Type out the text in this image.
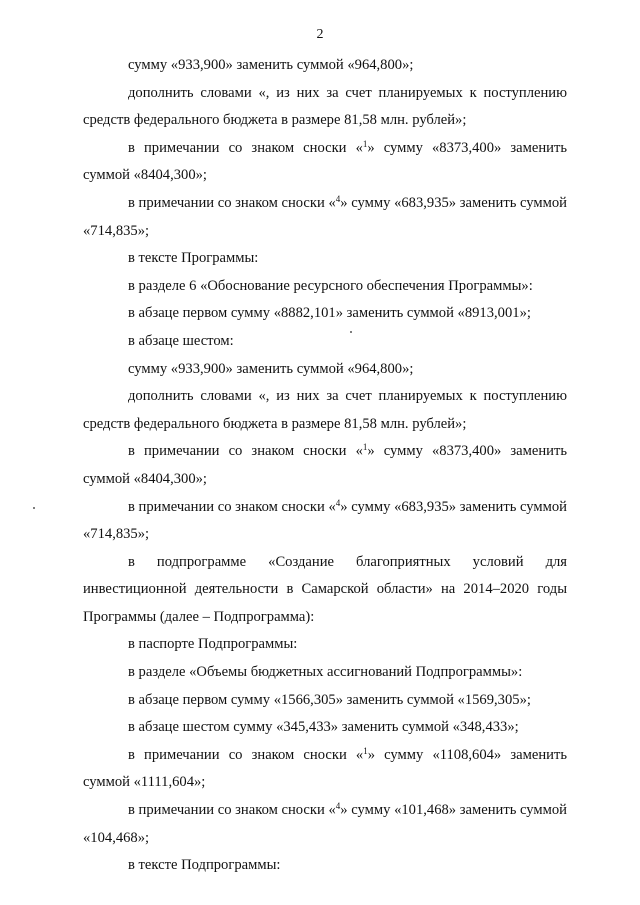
2
сумму «933,900» заменить суммой «964,800»;
дополнить словами «, из них за счет планируемых к поступлению средств федерального бюджета в размере 81,58 млн. рублей»;
в примечании со знаком сноски «$^1$» сумму «8373,400» заменить суммой «8404,300»;
в примечании со знаком сноски «$^4$» сумму «683,935» заменить суммой «714,835»;
в тексте Программы:
в разделе 6 «Обоснование ресурсного обеспечения Программы»:
в абзаце первом сумму «8882,101» заменить суммой «8913,001»;
в абзаце шестом:
сумму «933,900» заменить суммой «964,800»;
дополнить словами «, из них за счет планируемых к поступлению средств федерального бюджета в размере 81,58 млн. рублей»;
в примечании со знаком сноски «$^1$» сумму «8373,400» заменить суммой «8404,300»;
в примечании со знаком сноски «$^4$» сумму «683,935» заменить суммой «714,835»;
в подпрограмме «Создание благоприятных условий для инвестиционной деятельности в Самарской области» на 2014–2020 годы Программы (далее – Подпрограмма):
в паспорте Подпрограммы:
в разделе «Объемы бюджетных ассигнований Подпрограммы»:
в абзаце первом сумму «1566,305» заменить суммой «1569,305»;
в абзаце шестом сумму «345,433» заменить суммой «348,433»;
в примечании со знаком сноски «$^1$» сумму «1108,604» заменить суммой «1111,604»;
в примечании со знаком сноски «$^4$» сумму «101,468» заменить суммой «104,468»;
в тексте Подпрограммы:
